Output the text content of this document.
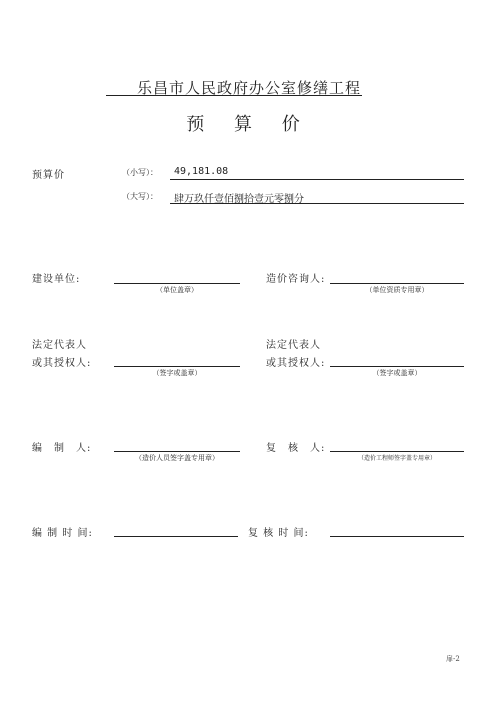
乐昌市人民政府办公室修缮工程
预 算 价
预算价	（小写）： 49,181.08
（大写）： 肆万玖仟壹佰捌拾壹元零捌分
建设单位:
（单位盖章）
造价咨询人:
（单位资质专用章）
法定代表人
或其授权人:
（签字或盖章）
法定代表人
或其授权人:
（签字或盖章）
编　制　人:
（造价人员签字盖专用章）
复　核　人:
（造价工程师签字盖专用章）
编 制 时 间:	复 核 时 间:
扉-2
